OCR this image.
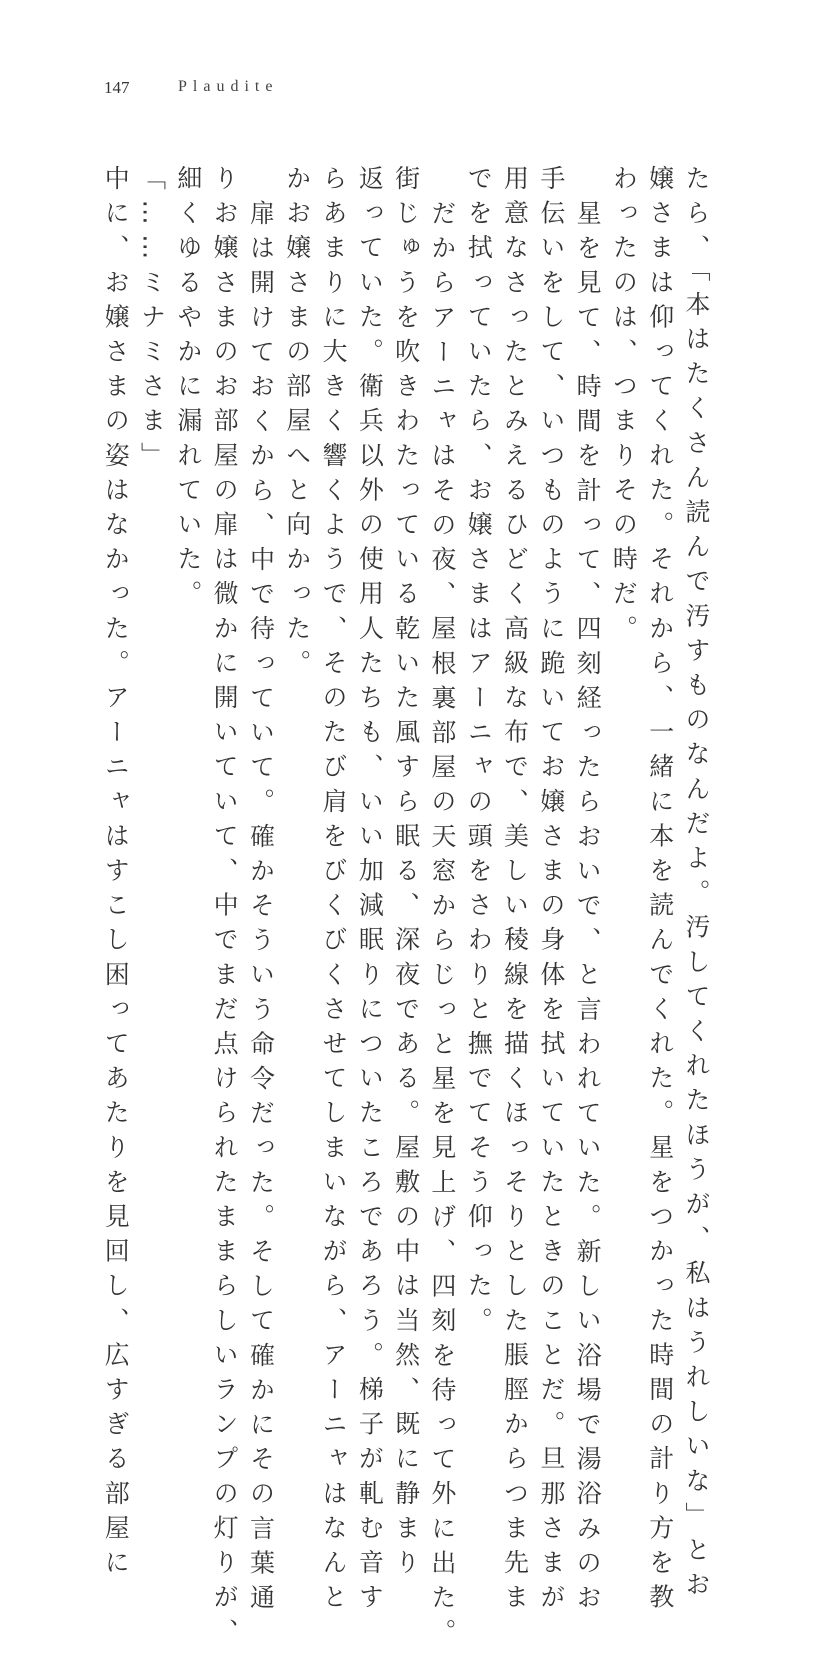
147	Plaudite
たら、「本はたくさん読んで汚すものなんだよ。汚してくれたほうが、私はうれしいな」とお
嬢さまは仰ってくれた。それから、一緒に本を読んでくれた。星をつかった時間の計り方を教
わったのは、つまりその時だ。
星を見て、時間を計って、四刻経ったらおいで、と言われていた。新しい浴場で湯浴みのお
手伝いをして、いつものように跪いてお嬢さまの身体を拭いていたときのことだ。旦那さまが
用意なさったとみえるひどく高級な布で、美しい稜線を描くほっそりとした脹脛からつま先ま
でを拭っていたら、お嬢さまはアーニャの頭をさわりと撫でてそう仰った。
だからアーニャはその夜、屋根裏部屋の天窓からじっと星を見上げ、四刻を待って外に出た。
街じゅうを吹きわたっている乾いた風すら眠る、深夜である。屋敷の中は当然、既に静まり
返っていた。衛兵以外の使用人たちも、いい加減眠りについたころであろう。梯子が軋む音す
らあまりに大きく響くようで、そのたび肩をびくびくさせてしまいながら、アーニャはなんと
かお嬢さまの部屋へと向かった。
扉は開けておくから、中で待っていて。確かそういう命令だった。そして確かにその言葉通
りお嬢さまのお部屋の扉は微かに開いていて、中でまだ点けられたままらしいランプの灯りが、
細くゆるやかに漏れていた。
「……ミナミさま」
中に、お嬢さまの姿はなかった。アーニャはすこし困ってあたりを見回し、広すぎる部屋に
